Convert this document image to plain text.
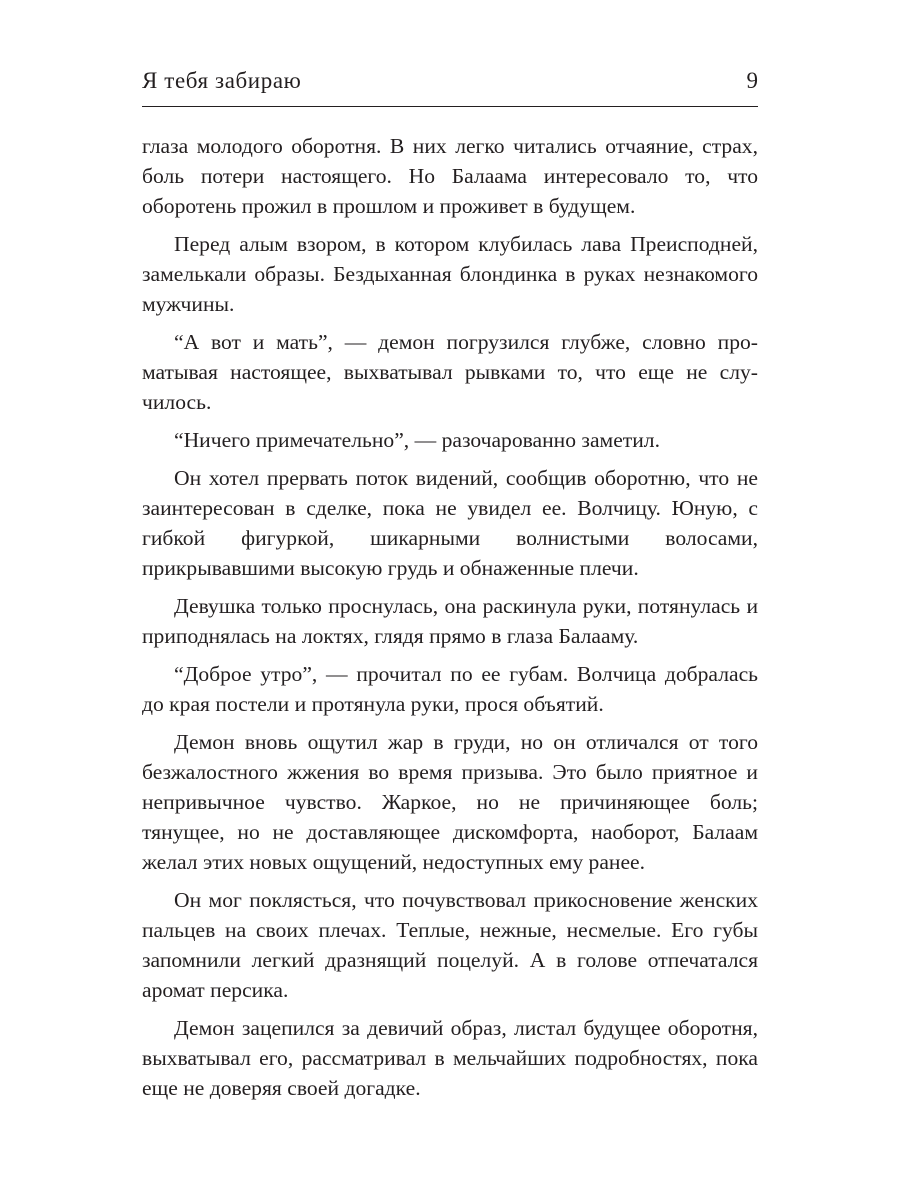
Я тебя забираю	9

глаза молодого оборотня. В них легко читались отчаяние, страх, боль потери настоящего. Но Балаама интересовало то, что оборотень прожил в прошлом и проживет в будущем.

Перед алым взором, в котором клубилась лава Преисподней, замелькали образы. Бездыханная блондинка в руках незнакомого мужчины.

“А вот и мать”, — демон погрузился глубже, словно проматывая настоящее, выхватывал рывками то, что еще не случилось.

“Ничего примечательно”, — разочарованно заметил.

Он хотел прервать поток видений, сообщив оборотню, что не заинтересован в сделке, пока не увидел ее. Волчицу. Юную, с гибкой фигуркой, шикарными волнистыми волосами, прикрывавшими высокую грудь и обнаженные плечи.

Девушка только проснулась, она раскинула руки, потянулась и приподнялась на локтях, глядя прямо в глаза Балааму.

“Доброе утро”, — прочитал по ее губам. Волчица добралась до края постели и протянула руки, прося объятий.

Демон вновь ощутил жар в груди, но он отличался от того безжалостного жжения во время призыва. Это было приятное и непривычное чувство. Жаркое, но не причиняющее боль; тянущее, но не доставляющее дискомфорта, наоборот, Балаам желал этих новых ощущений, недоступных ему ранее.

Он мог поклясться, что почувствовал прикосновение женских пальцев на своих плечах. Теплые, нежные, несмелые. Его губы запомнили легкий дразнящий поцелуй. А в голове отпечатался аромат персика.

Демон зацепился за девичий образ, листал будущее оборотня, выхватывал его, рассматривал в мельчайших подробностях, пока еще не доверяя своей догадке.
